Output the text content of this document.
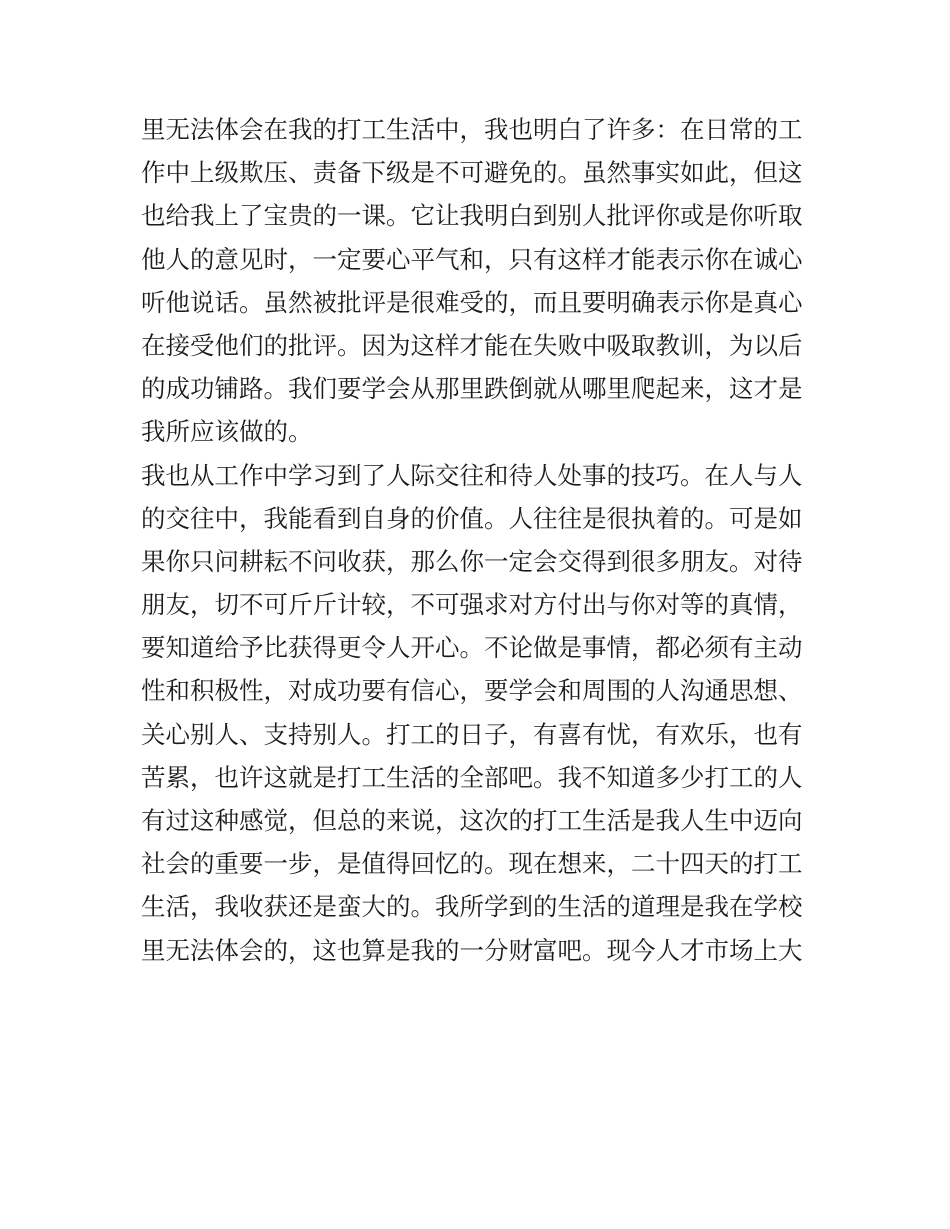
里无法体会在我的打工生活中，我也明白了许多：在日常的工
作中上级欺压、责备下级是不可避免的。虽然事实如此，但这
也给我上了宝贵的一课。它让我明白到别人批评你或是你听取
他人的意见时，一定要心平气和，只有这样才能表示你在诚心
听他说话。虽然被批评是很难受的，而且要明确表示你是真心
在接受他们的批评。因为这样才能在失败中吸取教训，为以后
的成功铺路。我们要学会从那里跌倒就从哪里爬起来，这才是
我所应该做的。
我也从工作中学习到了人际交往和待人处事的技巧。在人与人
的交往中，我能看到自身的价值。人往往是很执着的。可是如
果你只问耕耘不问收获，那么你一定会交得到很多朋友。对待
朋友，切不可斤斤计较，不可强求对方付出与你对等的真情，
要知道给予比获得更令人开心。不论做是事情，都必须有主动
性和积极性，对成功要有信心，要学会和周围的人沟通思想、
关心别人、支持别人。打工的日子，有喜有忧，有欢乐，也有
苦累，也许这就是打工生活的全部吧。我不知道多少打工的人
有过这种感觉，但总的来说，这次的打工生活是我人生中迈向
社会的重要一步，是值得回忆的。现在想来，二十四天的打工
生活，我收获还是蛮大的。我所学到的生活的道理是我在学校
里无法体会的，这也算是我的一分财富吧。现今人才市场上大
